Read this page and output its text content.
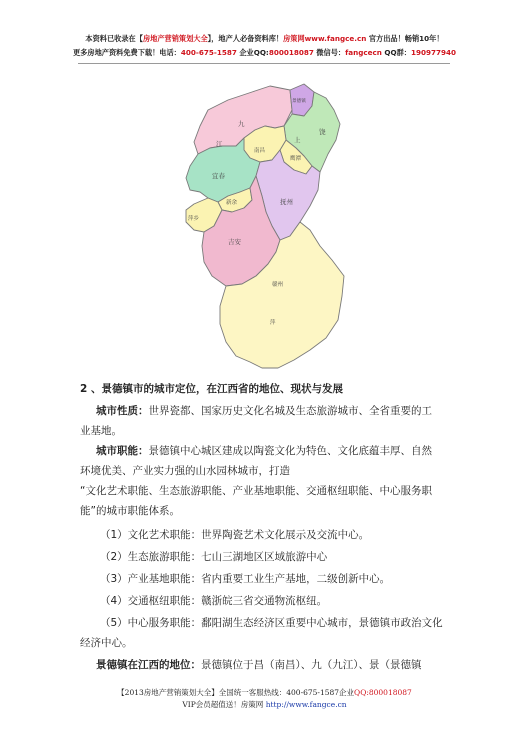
本资料已收录在【房地产营销策划大全】，地产人必备资料库！房策网www.fangce.cn 官方出品！畅销10年！
更多房地产资料免费下载！电话：400-675-1587 企业QQ:800018087 微信号：fangcecn QQ群：190977940
九
江	上
饶
南昌
景德镇
鹰潭
宜春
新余
萍乡
吉安
抚州
赣州
萍
2 、景德镇市的城市定位，在江西省的地位、现状与发展
城市性质：世界瓷都、国家历史文化名城及生态旅游城市、全省重要的工
业基地。
城市职能：景德镇中心城区建成以陶瓷文化为特色、文化底蕴丰厚、自然
环境优美、产业实力强的山水园林城市，打造
“文化艺术职能、生态旅游职能、产业基地职能、交通枢纽职能、中心服务职
能”的城市职能体系。
（1）文化艺术职能：世界陶瓷艺术文化展示及交流中心。
（2）生态旅游职能：七山三湖地区区域旅游中心
（3）产业基地职能：省内重要工业生产基地，二级创新中心。
（4）交通枢纽职能：赣浙皖三省交通物流枢纽。
（5）中心服务职能：鄱阳湖生态经济区重要中心城市，景德镇市政治文化
经济中心。
景德镇在江西的地位：景德镇位于昌（南昌）、九（九江）、景（景德镇
【2013房地产营销策划大全】全国统一客服热线：400-675-1587企业QQ:800018087
VIP会员超值送！房策网 http://www.fangce.cn
